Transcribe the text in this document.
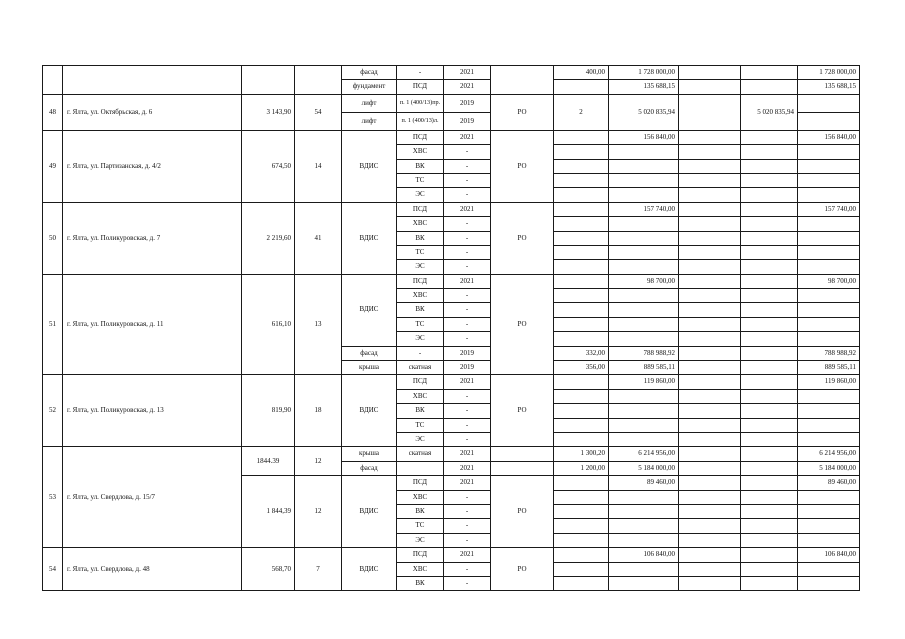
				фасад	-	2021		400,00	1 728 000,00			1 728 000,00
				фундамент	ПСД	2021			135 688,15			135 688,15
48	г. Ялта, ул. Октябрьская, д. 6	3 143,90	54	лифт	п. 1 (400/13)пр.	2019	РО	2	5 020 835,94		5 020 835,94	
				лифт	п. 1 (400/13)л.	2019						
49	г. Ялта, ул. Партизанская, д. 4/2	674,50	14	ВДИС	ПСД	2021	РО		156 840,00			156 840,00
					ХВС	-						
					ВК	-						
					ТС	-						
					ЭС	-						
50	г. Ялта, ул. Поликуровская, д. 7	2 219,60	41	ВДИС	ПСД	2021	РО		157 740,00			157 740,00
					ХВС	-						
					ВК	-						
					ТС	-						
					ЭС	-						
51	г. Ялта, ул. Поликуровская, д. 11	616,10	13	ВДИС	ПСД	2021	РО		98 700,00			98 700,00
					ХВС	-						
					ВК	-						
					ТС	-						
					ЭС	-						
				фасад	-	2019		332,00	788 988,92			788 988,92
				крыша	скатная	2019		356,00	889 585,11			889 585,11
52	г. Ялта, ул. Поликуровская, д. 13	819,90	18	ВДИС	ПСД	2021	РО		119 860,00			119 860,00
					ХВС	-						
					ВК	-						
					ТС	-						
					ЭС	-						
53	г. Ялта, ул. Свердлова, д. 15/7	1844.39	12	крыша	скатная	2021		1 300,20	6 214 956,00			6 214 956,00
				фасад		2021		1 200,00	5 184 000,00			5 184 000,00
		1 844,39	12	ВДИС	ПСД	2021	РО		89 460,00			89 460,00
					ХВС	-						
					ВК	-						
					ТС	-						
					ЭС	-						
54	г. Ялта, ул. Свердлова, д. 48	568,70	7	ВДИС	ПСД	2021	РО		106 840,00			106 840,00
					ХВС	-						
					ВК	-						
